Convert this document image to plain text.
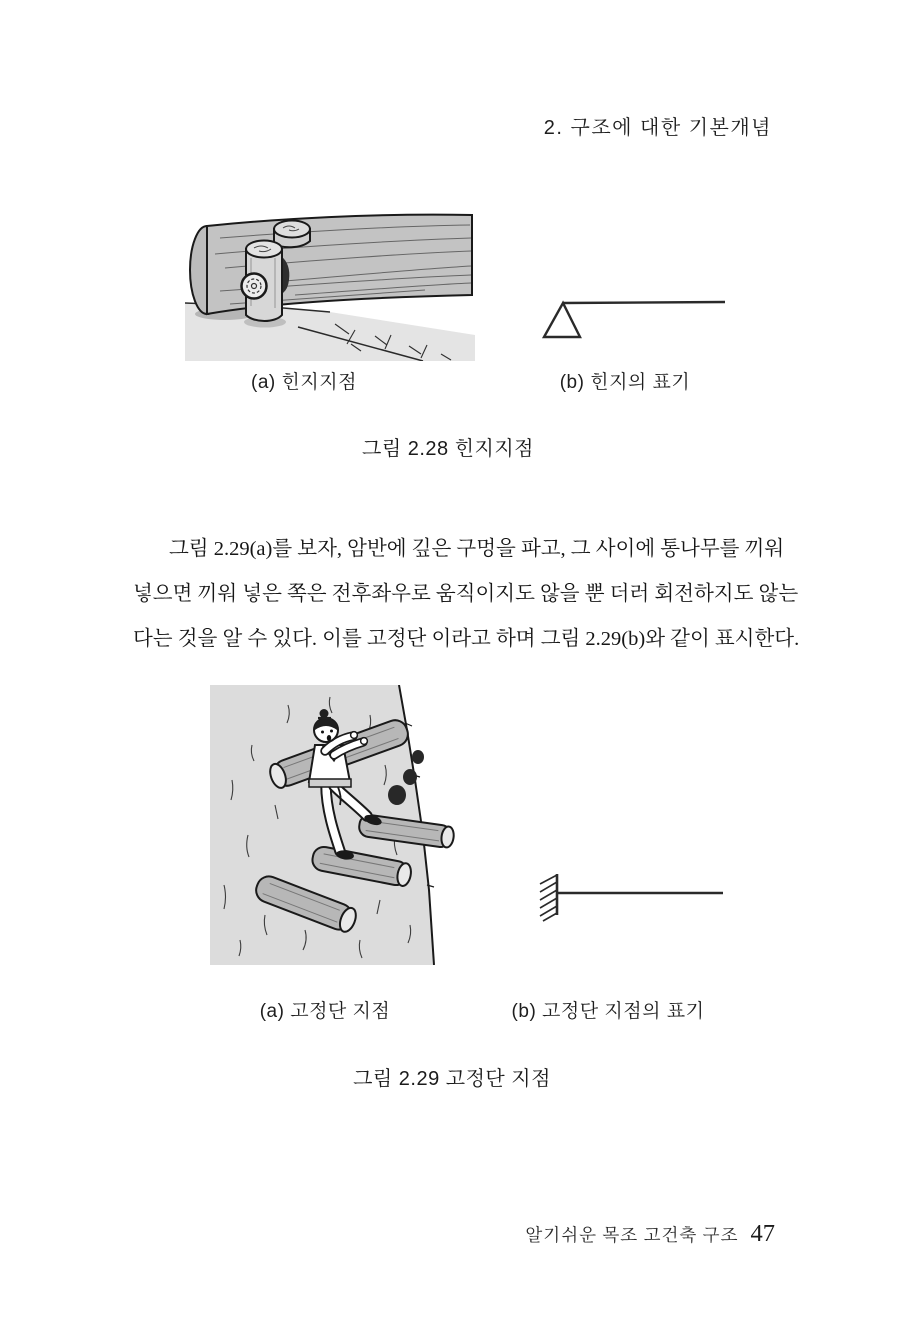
2. 구조에 대한 기본개념
(a) 힌지지점	(b) 힌지의 표기
그림 2.28 힌지지점
그림 2.29(a)를 보자, 암반에 깊은 구멍을 파고, 그 사이에 통나무를 끼워
넣으면 끼워 넣은 쪽은 전후좌우로 움직이지도 않을 뿐 더러 회전하지도 않는
다는 것을 알 수 있다. 이를 고정단 이라고 하며 그림 2.29(b)와 같이 표시한다.
(a) 고정단 지점	(b) 고정단 지점의 표기
그림 2.29 고정단 지점
알기쉬운 목조 고건축 구조 47
